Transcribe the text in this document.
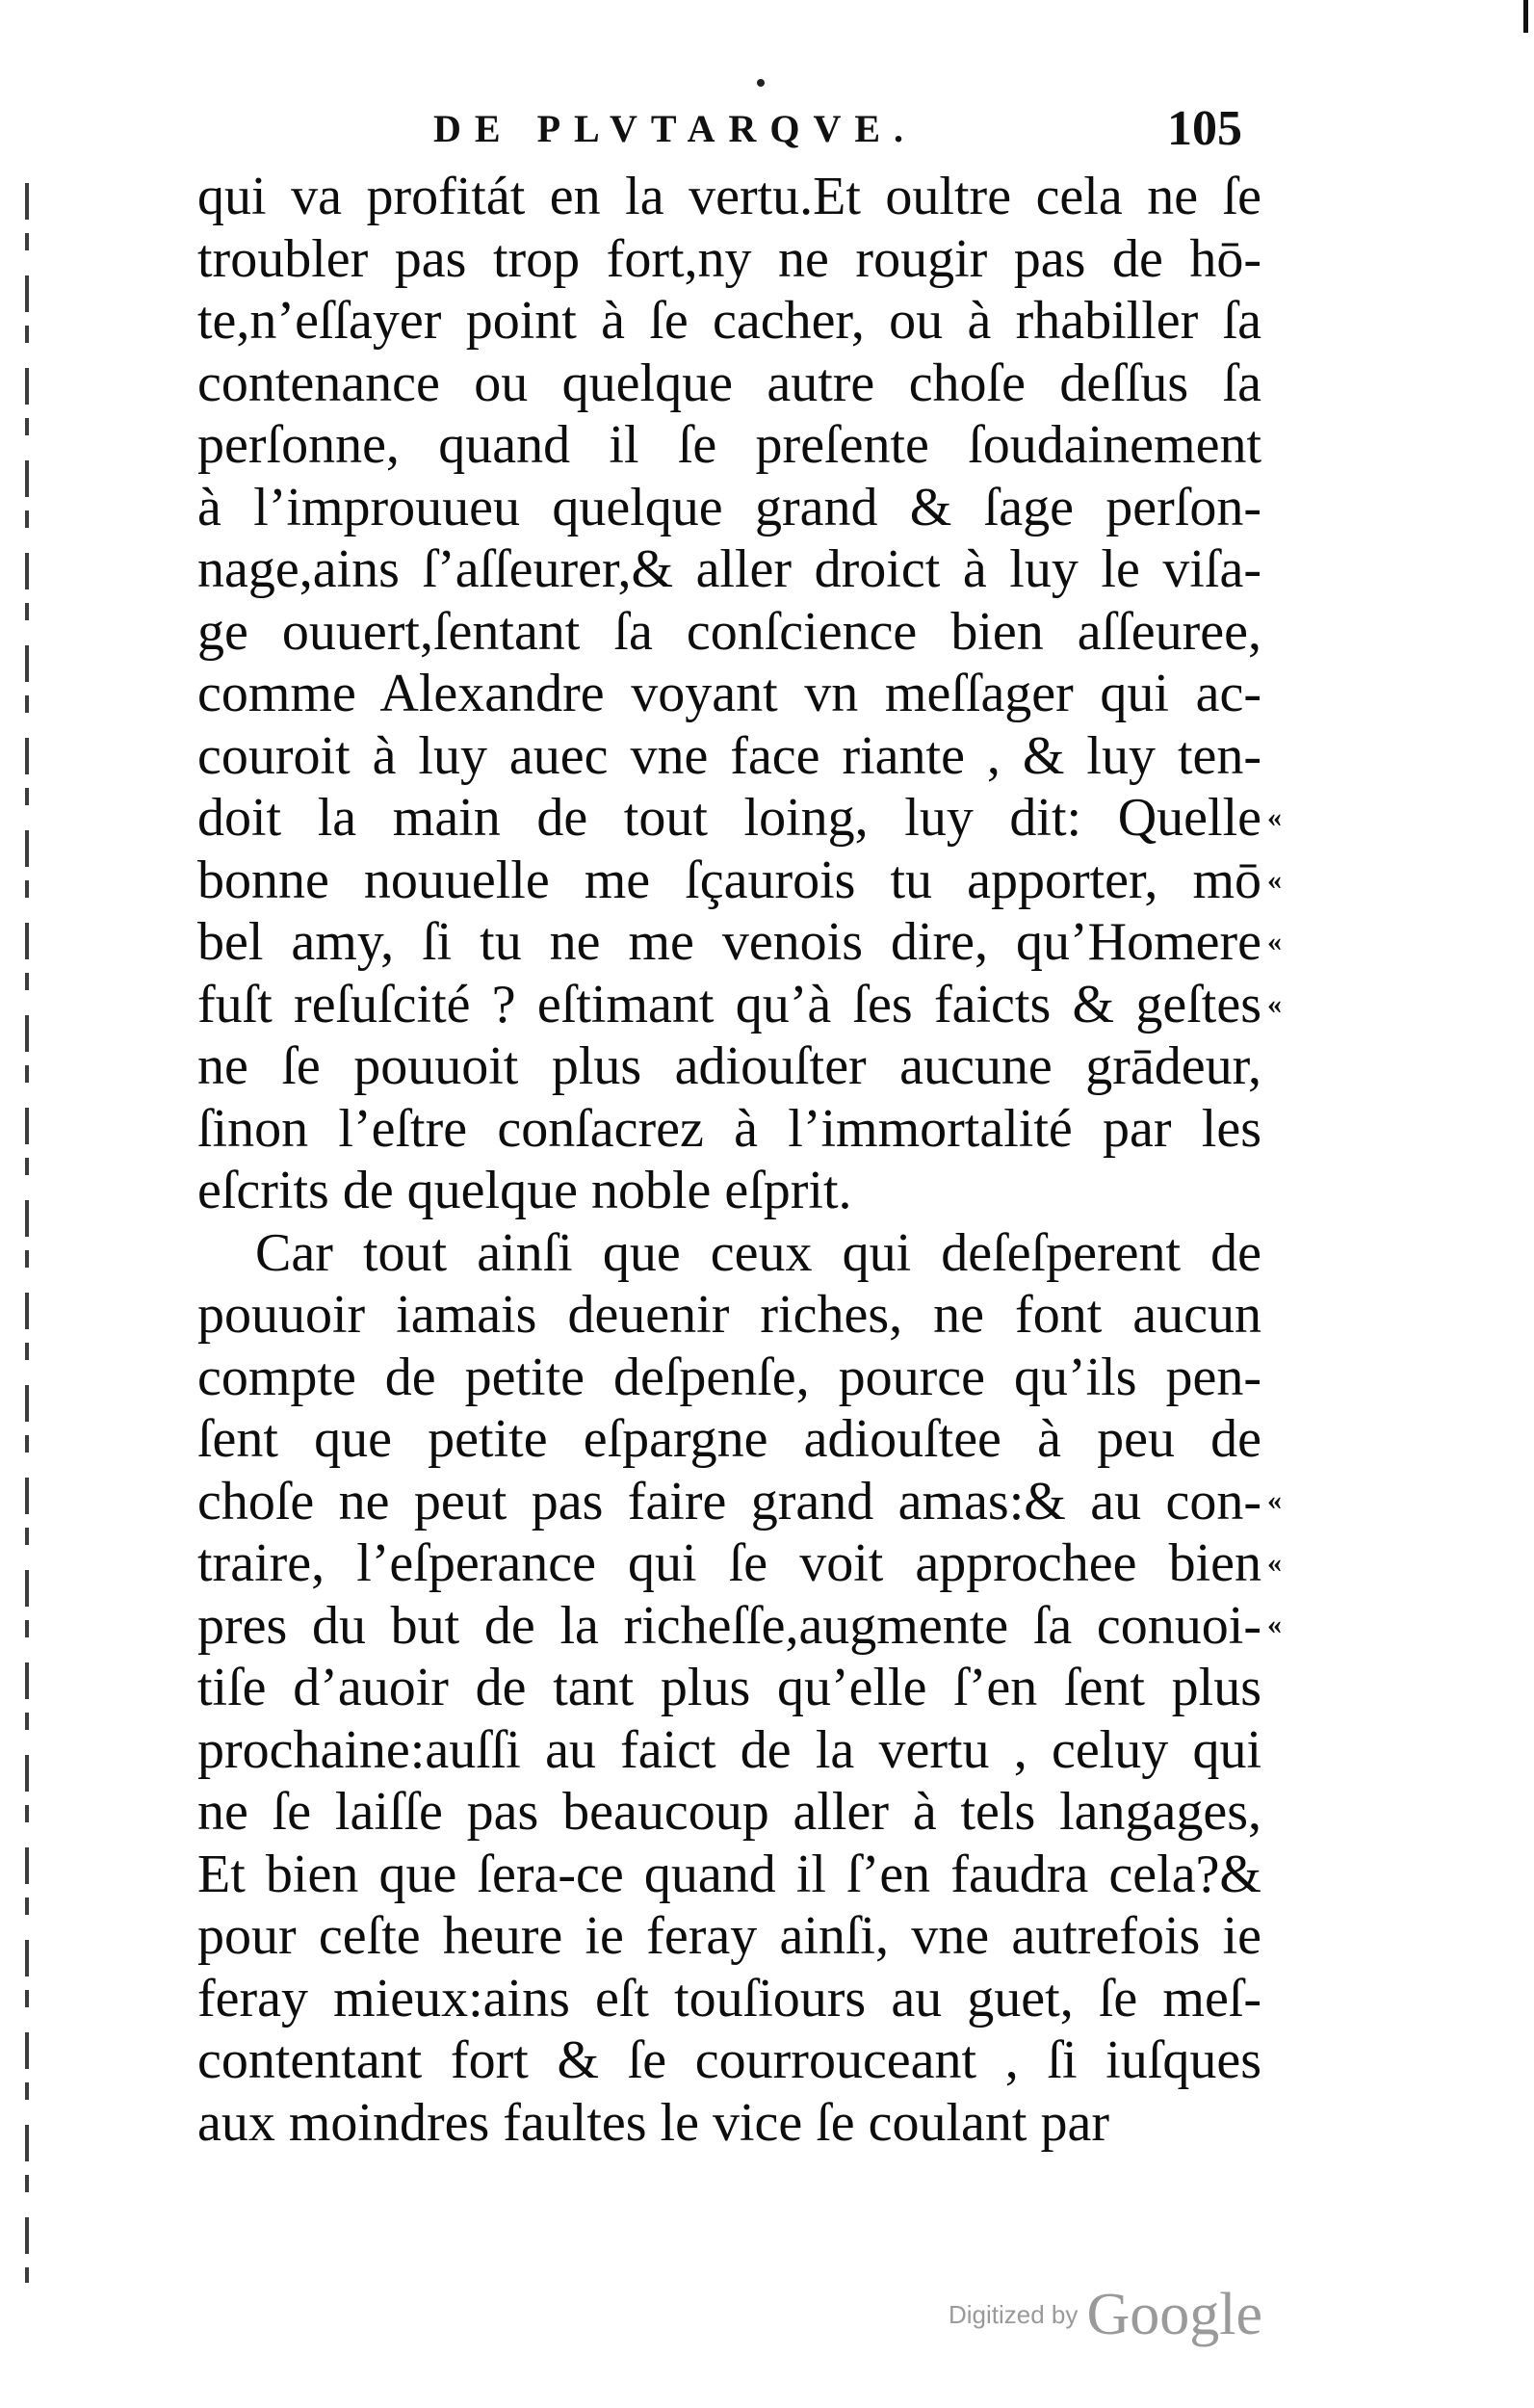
DE PLVTARQVE.	105
qui va profitát en la vertu.Et oultre cela ne ſe
troubler pas trop fort,ny ne rougir pas de hō-
te,n’eſſayer point à ſe cacher, ou à rhabiller ſa
contenance ou quelque autre choſe deſſus ſa
perſonne, quand il ſe preſente ſoudainement
à l’improuueu quelque grand & ſage perſon-
nage,ains ſ’aſſeurer,& aller droict à luy le viſa-
ge ouuert,ſentant ſa conſcience bien aſſeuree,
comme Alexandre voyant vn meſſager qui ac-
couroit à luy auec vne face riante , & luy ten-
doit la main de tout loing, luy dit: Quelle
bonne nouuelle me ſçaurois tu apporter, mō
bel amy, ſi tu ne me venois dire, qu’Homere
fuſt reſuſcité ? eſtimant qu’à ſes faicts & geſtes
ne ſe pouuoit plus adiouſter aucune grādeur,
ſinon l’eſtre conſacrez à l’immortalité par les
eſcrits de quelque noble eſprit.
Car tout ainſi que ceux qui deſeſperent de
pouuoir iamais deuenir riches, ne font aucun
compte de petite deſpenſe, pource qu’ils pen-
ſent que petite eſpargne adiouſtee à peu de
choſe ne peut pas faire grand amas:& au con-
traire, l’eſperance qui ſe voit approchee bien
pres du but de la richeſſe,augmente ſa conuoi-
tiſe d’auoir de tant plus qu’elle ſ’en ſent plus
prochaine:auſſi au faict de la vertu , celuy qui
ne ſe laiſſe pas beaucoup aller à tels langages,
Et bien que ſera-ce quand il ſ’en faudra cela?&
pour ceſte heure ie feray ainſi, vne autrefois ie
feray mieux:ains eſt touſiours au guet, ſe meſ-
contentant fort & ſe courrouceant , ſi iuſques
aux moindres faultes le vice ſe coulant par
«
«
«
«
«
«
«
Digitized by Google
